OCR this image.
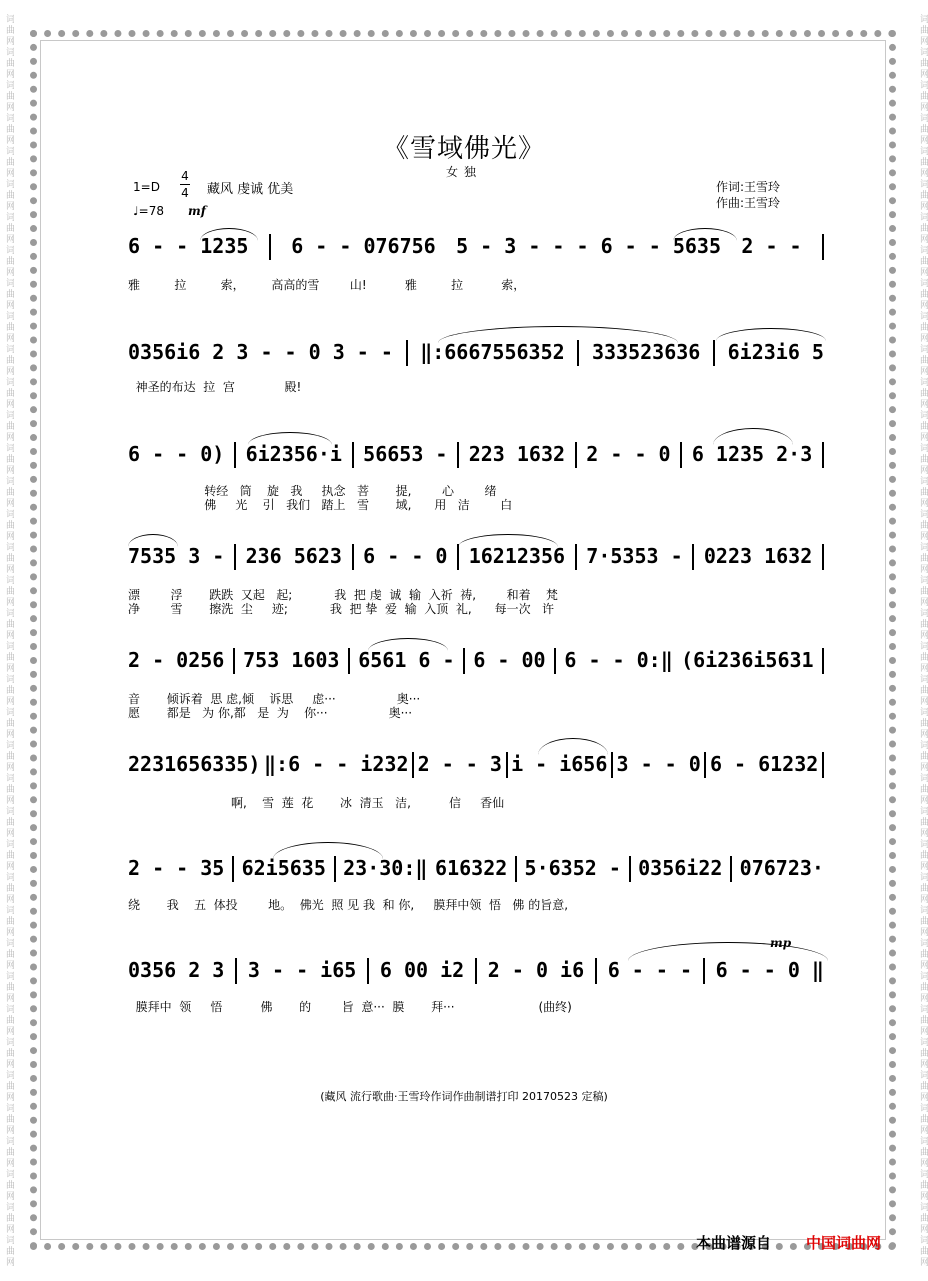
词曲网词曲网词曲网词曲网词曲网词曲网词曲网词曲网词曲网词曲网词曲网词曲网词曲网词曲网词曲网词曲网词曲网词曲网词曲网词曲网词曲网词曲网词曲网词曲网词曲网词曲网词曲网词曲网词曲网词曲网词曲网词曲网词曲网词曲网词曲网词曲网词曲网词曲网	词曲网词曲网词曲网词曲网词曲网词曲网词曲网词曲网词曲网词曲网词曲网词曲网词曲网词曲网词曲网词曲网词曲网词曲网词曲网词曲网词曲网词曲网词曲网词曲网词曲网词曲网词曲网词曲网词曲网词曲网词曲网词曲网词曲网词曲网词曲网词曲网词曲网词曲网
《雪域佛光》
女独
1=D
4
4 藏风 虔诚 优美
♩=78 mf
作词:王雪玲
作曲:王雪玲
6 - - 1235 6 - - 076756 5 - 3 - - - 6 - - 5635 2 - -
雅         拉         索，       高高的雪        山!          雅         拉          索，
0356i6 2 3 - - 0 3 - - ‖:6667556352 333523636 6i23i6 5
神圣的布达  拉  宫             殿!
6 - - 0) 6i2356·i 56653 - 223 1632 2 - - 0 6 1235 2·3
转经   筒    旋   我     执念   菩       提,        心        绪
佛     光    引   我们   踏上   雪       域,      用   洁        白
7535 3 - 236 5623 6 - - 0 16212356 7·5353 - 0223 1632
漂        浮       跌跌  又起   起;           我  把 虔  诚  输  入祈  祷,        和着    梵
净        雪       擦洗  尘     迹;           我  把 挚  爱  输  入顶  礼,      每一次   许
2 - 0256 753 1603 6561 6 - 6 - 00 6 - - 0:‖ (6i236i5631
音       倾诉着  思 虑,倾    诉思     虑···                奥···
愿       都是   为 你,都   是  为    你···                奥···
2231656335) ‖:6 - - i232 2 - - 3 i - i656 3 - - 0 6 - 61232
啊,    雪  莲  花       冰  清玉   洁,          信     香仙
2 - - 35 62i5635 23·30:‖ 616322 5·6352 - 0356i22 076723·
绕       我    五  体投        地。  佛光  照 见 我  和 你,     膜拜中领  悟   佛 的旨意,
0356 2 3 3 - - i65 6 00 i2 2 - 0 i6 6 - - - 6 - - 0 ‖
mp
膜拜中  领     悟          佛       的        旨  意···  膜       拜···                      (曲终)
(藏风 流行歌曲·王雪玲作词作曲制谱打印 20170523 定稿)
本曲谱源自 中国词曲网
